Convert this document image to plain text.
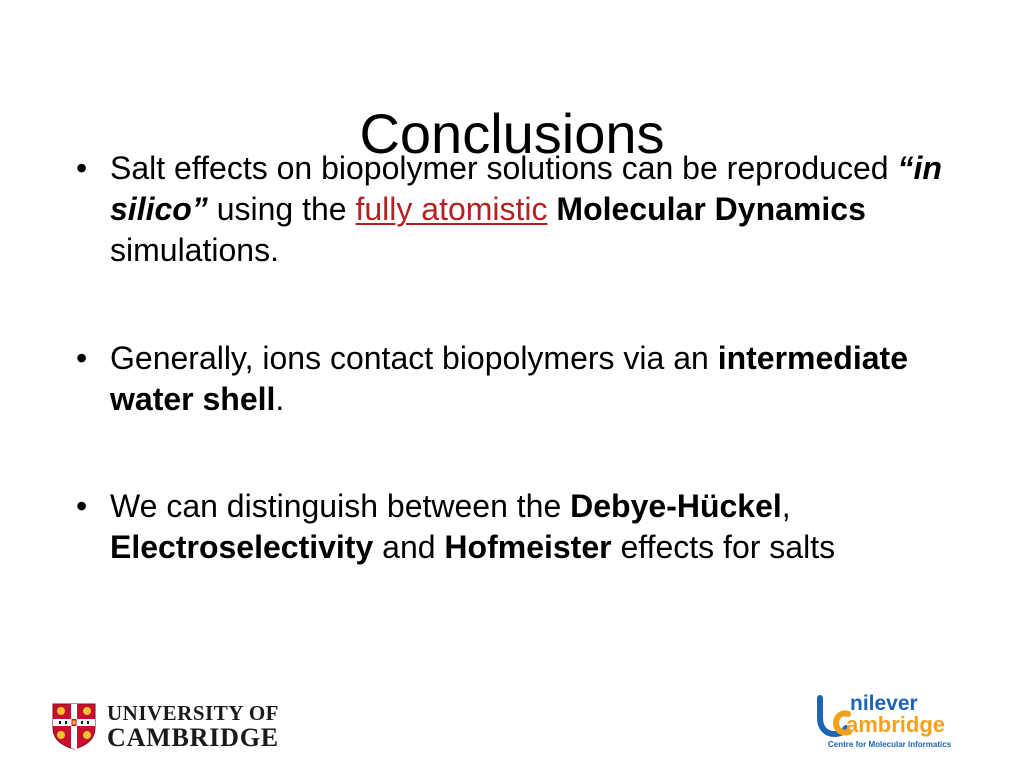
Conclusions
• Salt effects on biopolymer solutions can be reproduced “in silico” using the fully atomistic Molecular Dynamics simulations.
• Generally, ions contact biopolymers via an intermediate water shell.
• We can distinguish between the Debye-Hückel, Electroselectivity and Hofmeister effects for salts
UNIVERSITY OF
CAMBRIDGE
nilever
ambridge
Centre for Molecular Informatics
